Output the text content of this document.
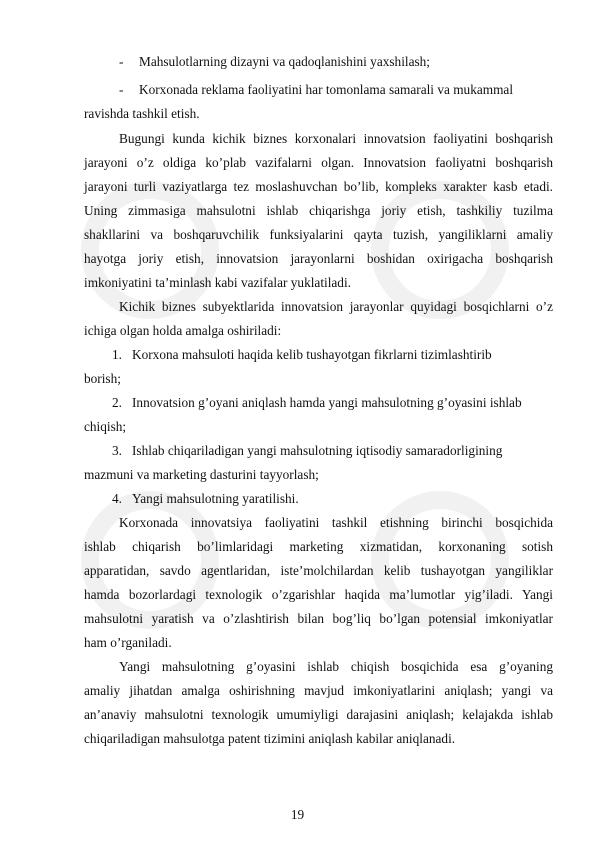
- Mahsulotlarning dizayni va qadoqlanishini yaxshilash;
- Korxonada reklama faoliyatini har tomonlama samarali va mukammal
ravishda tashkil etish.
Bugungi kunda kichik biznes korxonalari innovatsion faoliyatini boshqarish
jarayoni o’z oldiga ko’plab vazifalarni olgan. Innovatsion faoliyatni boshqarish
jarayoni turli vaziyatlarga tez moslashuvchan bo’lib, kompleks xarakter kasb etadi.
Uning zimmasiga mahsulotni ishlab chiqarishga joriy etish, tashkiliy tuzilma
shakllarini va boshqaruvchilik funksiyalarini qayta tuzish, yangiliklarni amaliy
hayotga joriy etish, innovatsion jarayonlarni boshidan oxirigacha boshqarish
imkoniyatini ta’minlash kabi vazifalar yuklatiladi.
Kichik biznes subyektlarida innovatsion jarayonlar quyidagi bosqichlarni o’z
ichiga olgan holda amalga oshiriladi:
1. Korxona mahsuloti haqida kelib tushayotgan fikrlarni tizimlashtirib
borish;
2. Innovatsion g’oyani aniqlash hamda yangi mahsulotning g’oyasini ishlab
chiqish;
3. Ishlab chiqariladigan yangi mahsulotning iqtisodiy samaradorligining
mazmuni va marketing dasturini tayyorlash;
4. Yangi mahsulotning yaratilishi.
Korxonada innovatsiya faoliyatini tashkil etishning birinchi bosqichida
ishlab chiqarish bo’limlaridagi marketing xizmatidan, korxonaning sotish
apparatidan, savdo agentlaridan, iste’molchilardan kelib tushayotgan yangiliklar
hamda bozorlardagi texnologik o’zgarishlar haqida ma’lumotlar yig’iladi. Yangi
mahsulotni yaratish va o’zlashtirish bilan bog’liq bo’lgan potensial imkoniyatlar
ham o’rganiladi.
Yangi mahsulotning g’oyasini ishlab chiqish bosqichida esa g’oyaning
amaliy jihatdan amalga oshirishning mavjud imkoniyatlarini aniqlash; yangi va
an’anaviy mahsulotni texnologik umumiyligi darajasini aniqlash; kelajakda ishlab
chiqariladigan mahsulotga patent tizimini aniqlash kabilar aniqlanadi.
19
